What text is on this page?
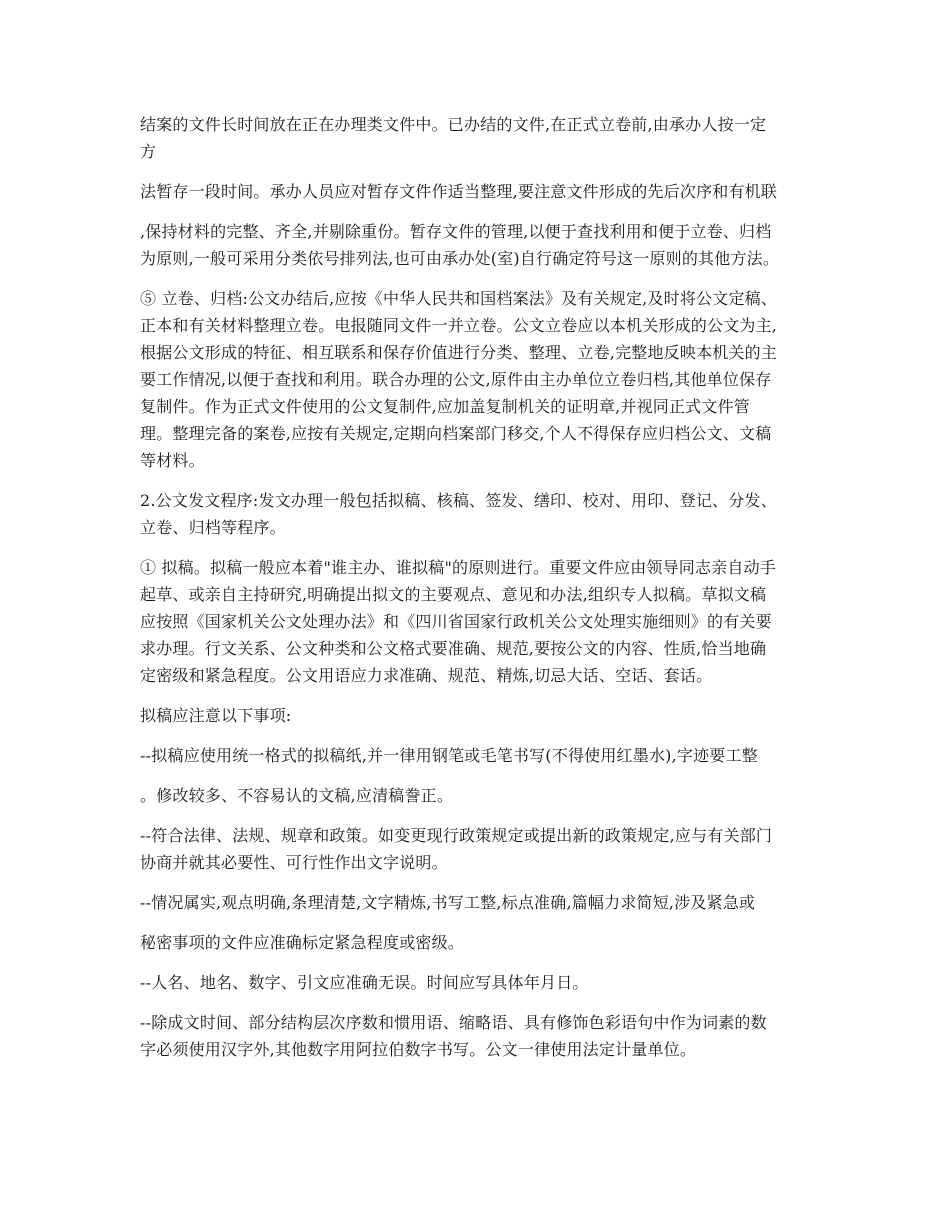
结案的文件长时间放在正在办理类文件中。已办结的文件,在正式立卷前,由承办人按一定
方

法暂存一段时间。承办人员应对暂存文件作适当整理,要注意文件形成的先后次序和有机联

,保持材料的完整、齐全,并剔除重份。暂存文件的管理,以便于查找利用和便于立卷、归档
为原则,一般可采用分类依号排列法,也可由承办处(室)自行确定符号这一原则的其他方法。

⑤ 立卷、归档:公文办结后,应按《中华人民共和国档案法》及有关规定,及时将公文定稿、
正本和有关材料整理立卷。电报随同文件一并立卷。公文立卷应以本机关形成的公文为主,
根据公文形成的特征、相互联系和保存价值进行分类、整理、立卷,完整地反映本机关的主
要工作情况,以便于查找和利用。联合办理的公文,原件由主办单位立卷归档,其他单位保存
复制件。作为正式文件使用的公文复制件,应加盖复制机关的证明章,并视同正式文件管
理。整理完备的案卷,应按有关规定,定期向档案部门移交,个人不得保存应归档公文、文稿
等材料。

2.公文发文程序:发文办理一般包括拟稿、核稿、签发、缮印、校对、用印、登记、分发、
立卷、归档等程序。

① 拟稿。拟稿一般应本着"谁主办、谁拟稿"的原则进行。重要文件应由领导同志亲自动手
起草、或亲自主持研究,明确提出拟文的主要观点、意见和办法,组织专人拟稿。草拟文稿
应按照《国家机关公文处理办法》和《四川省国家行政机关公文处理实施细则》的有关要
求办理。行文关系、公文种类和公文格式要准确、规范,要按公文的内容、性质,恰当地确
定密级和紧急程度。公文用语应力求准确、规范、精炼,切忌大话、空话、套话。

拟稿应注意以下事项:

--拟稿应使用统一格式的拟稿纸,并一律用钢笔或毛笔书写(不得使用红墨水),字迹要工整

。修改较多、不容易认的文稿,应清稿誊正。

--符合法律、法规、规章和政策。如变更现行政策规定或提出新的政策规定,应与有关部门
协商并就其必要性、可行性作出文字说明。

--情况属实,观点明确,条理清楚,文字精炼,书写工整,标点准确,篇幅力求简短,涉及紧急或

秘密事项的文件应准确标定紧急程度或密级。

--人名、地名、数字、引文应准确无误。时间应写具体年月日。

--除成文时间、部分结构层次序数和惯用语、缩略语、具有修饰色彩语句中作为词素的数
字必须使用汉字外,其他数字用阿拉伯数字书写。公文一律使用法定计量单位。
